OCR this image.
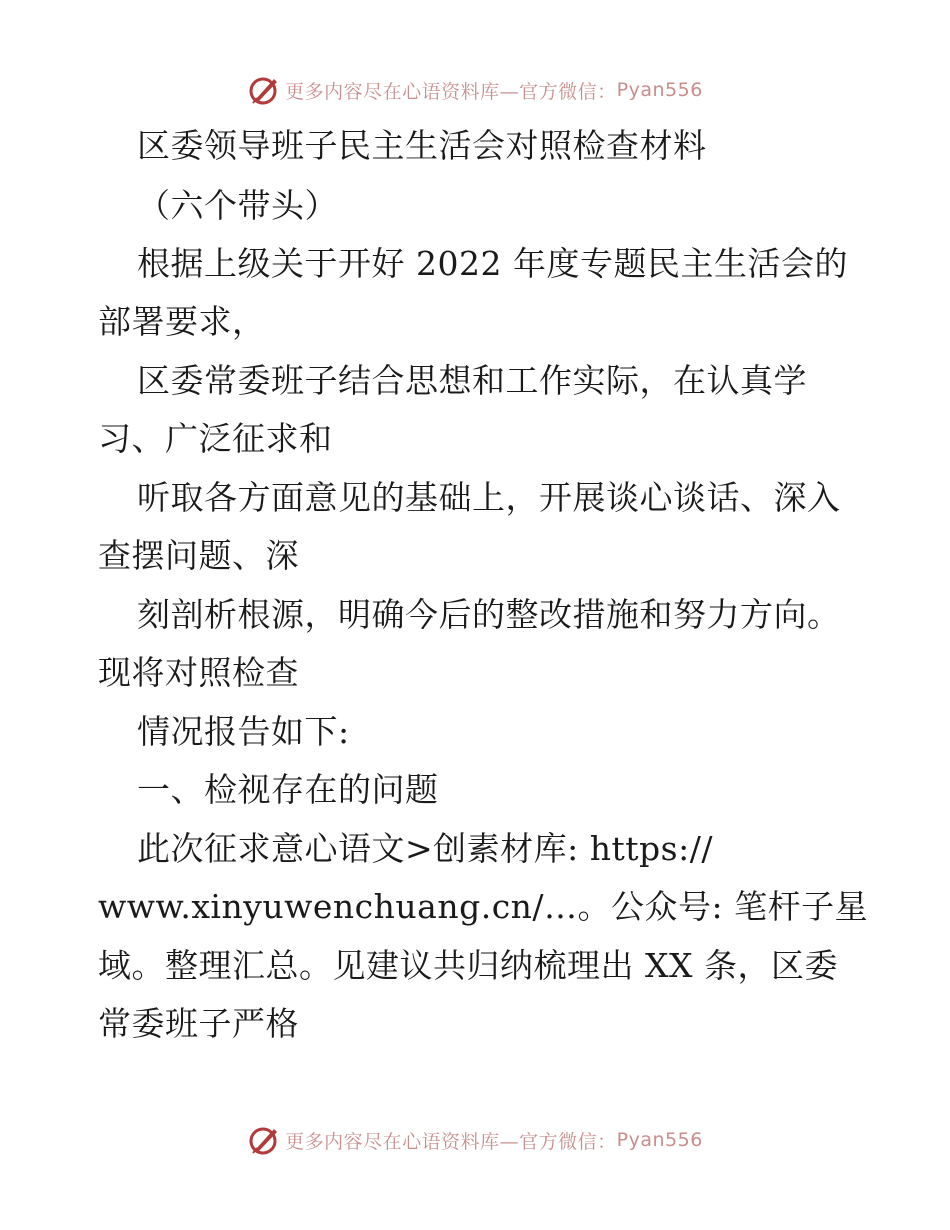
更多内容尽在心语资料库—官方微信： Pyan556
区委领导班子民主生活会对照检查材料
（六个带头）
根据上级关于开好 2022 年度专题民主生活会的
部署要求，
区委常委班子结合思想和工作实际，在认真学
习、广泛征求和
听取各方面意见的基础上，开展谈心谈话、深入
查摆问题、深
刻剖析根源，明确今后的整改措施和努力方向。
现将对照检查
情况报告如下:
一、检视存在的问题
此次征求意心语文>创素材库: https://
www.xinyuwenchuang.cn/…。公众号: 笔杆子星
域。整理汇总。见建议共归纳梳理出 XX 条，区委
常委班子严格
更多内容尽在心语资料库—官方微信： Pyan556
